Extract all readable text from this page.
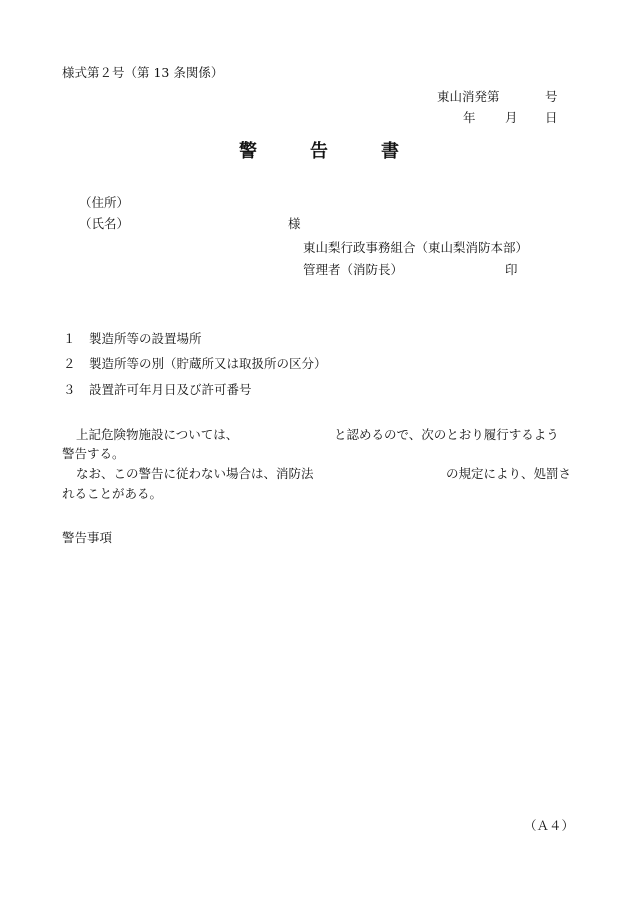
様式第２号（第 13 条関係）
東山消発第	号
年 月 日
警	告	書
（住所）
（氏名）	様
東山梨行政事務組合（東山梨消防本部）
管理者（消防長）	印
１ 製造所等の設置場所
２ 製造所等の別（貯蔵所又は取扱所の区分）
３ 設置許可年月日及び許可番号
上記危険物施設については、	と認めるので、次のとおり履行するよう
警告する。
なお、この警告に従わない場合は、消防法	の規定により、処罰さ
れることがある。
警告事項
（Ａ４）
